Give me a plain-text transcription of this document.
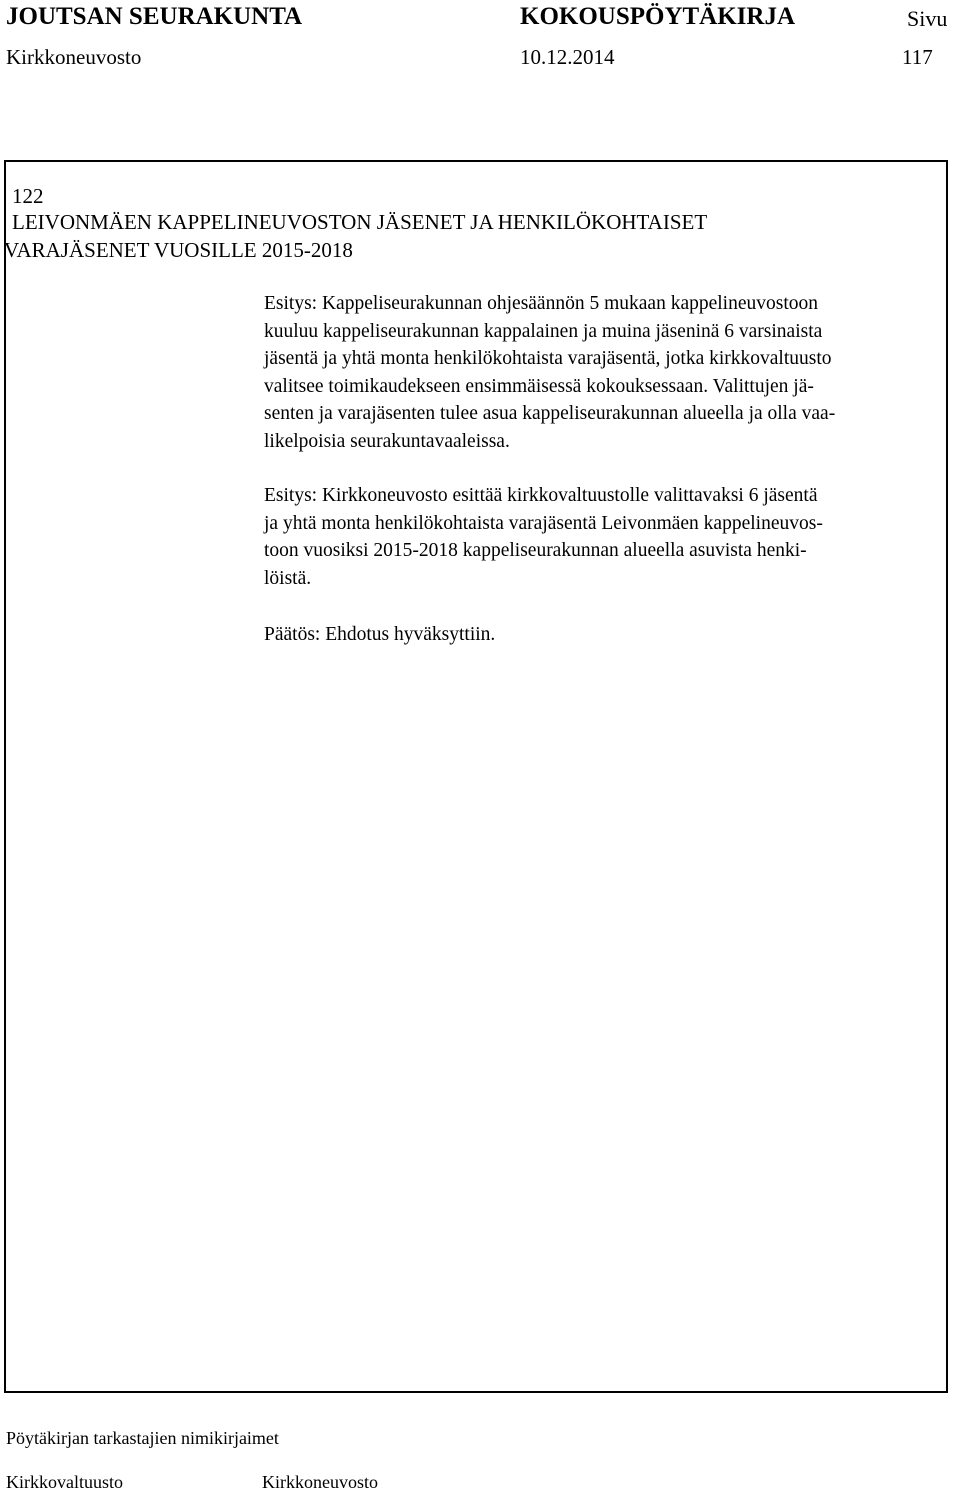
JOUTSAN SEURAKUNTA	KOKOUSPÖYTÄKIRJA	Sivu
Kirkkoneuvosto	10.12.2014	117
122
LEIVONMÄEN KAPPELINEUVOSTON JÄSENET JA HENKILÖKOHTAISET
VARAJÄSENET VUOSILLE 2015-2018
Esitys: Kappeliseurakunnan ohjesäännön 5 mukaan kappelineuvostoon
kuuluu kappeliseurakunnan kappalainen ja muina jäseninä 6 varsinaista
jäsentä ja yhtä monta henkilökohtaista varajäsentä, jotka kirkkovaltuusto
valitsee toimikaudekseen ensimmäisessä kokouksessaan. Valittujen jä-
senten ja varajäsenten tulee asua kappeliseurakunnan alueella ja olla vaa-
likelpoisia seurakuntavaaleissa.
Esitys: Kirkkoneuvosto esittää kirkkovaltuustolle valittavaksi 6 jäsentä
ja yhtä monta henkilökohtaista varajäsentä Leivonmäen kappelineuvos-
toon vuosiksi 2015-2018 kappeliseurakunnan alueella asuvista henki-
löistä.
Päätös: Ehdotus hyväksyttiin.
Pöytäkirjan tarkastajien nimikirjaimet
Kirkkovaltuusto	Kirkkoneuvosto
